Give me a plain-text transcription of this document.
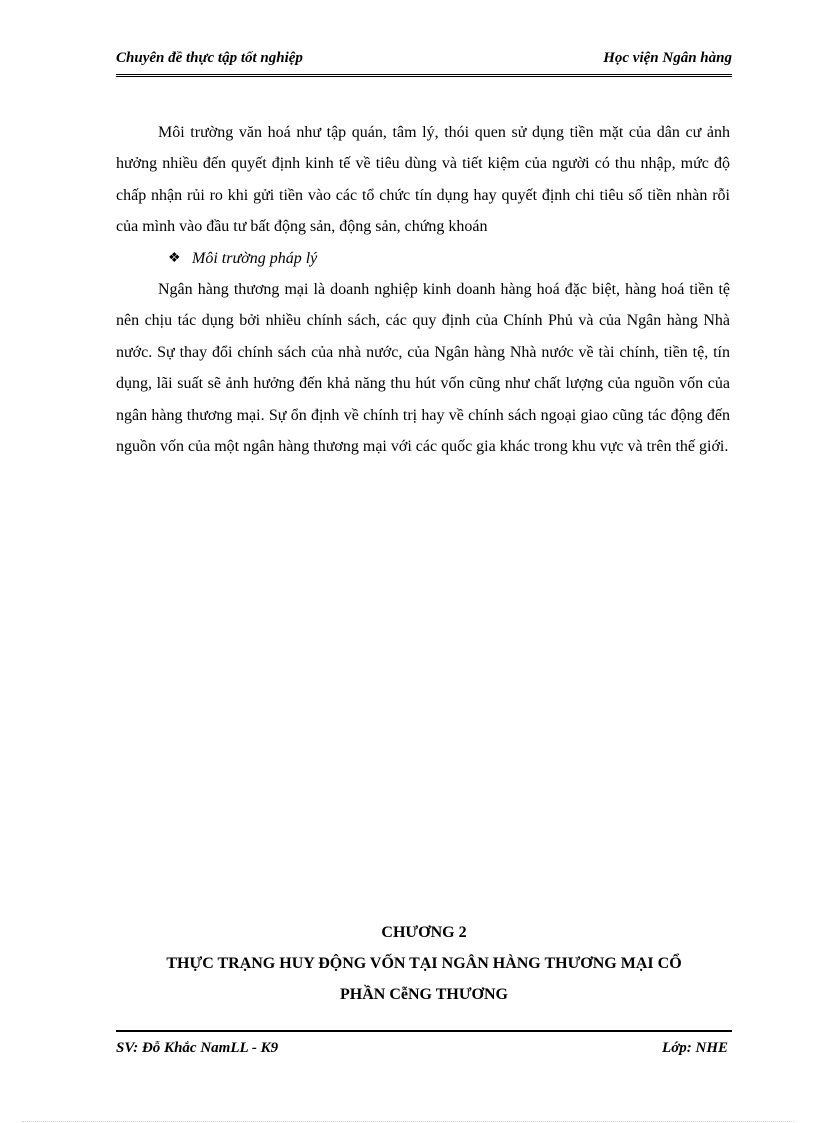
Chuyên đề thực tập tốt nghiệp	Học viện Ngân hàng

Môi trường văn hoá như tập quán, tâm lý, thói quen sử dụng tiền mặt của dân cư ảnh hưởng nhiều đến quyết định kinh tế về tiêu dùng và tiết kiệm của người có thu nhập, mức độ chấp nhận rủi ro khi gửi tiền vào các tổ chức tín dụng hay quyết định chi tiêu số tiền nhàn rỗi của mình vào đầu tư bất động sản, động sản, chứng khoán

❖ Môi trường pháp lý

Ngân hàng thương mại là doanh nghiệp kinh doanh hàng hoá đặc biệt, hàng hoá tiền tệ nên chịu tác dụng bởi nhiều chính sách, các quy định của Chính Phủ và của Ngân hàng Nhà nước. Sự thay đổi chính sách của nhà nước, của Ngân hàng Nhà nước về tài chính, tiền tệ, tín dụng, lãi suất sẽ ảnh hưởng đến khả năng thu hút vốn cũng như chất lượng của nguồn vốn của ngân hàng thương mại. Sự ổn định về chính trị hay về chính sách ngoại giao cũng tác động đến nguồn vốn của một ngân hàng thương mại với các quốc gia khác trong khu vực và trên thế giới.

CHƯƠNG 2
THỰC TRẠNG HUY ĐỘNG VỐN TẠI NGÂN HÀNG THƯƠNG MẠI CỔ
PHẦN CễNG THƯƠNG
SV: Đỗ Khắc NamLL - K9	Lớp: NHE
